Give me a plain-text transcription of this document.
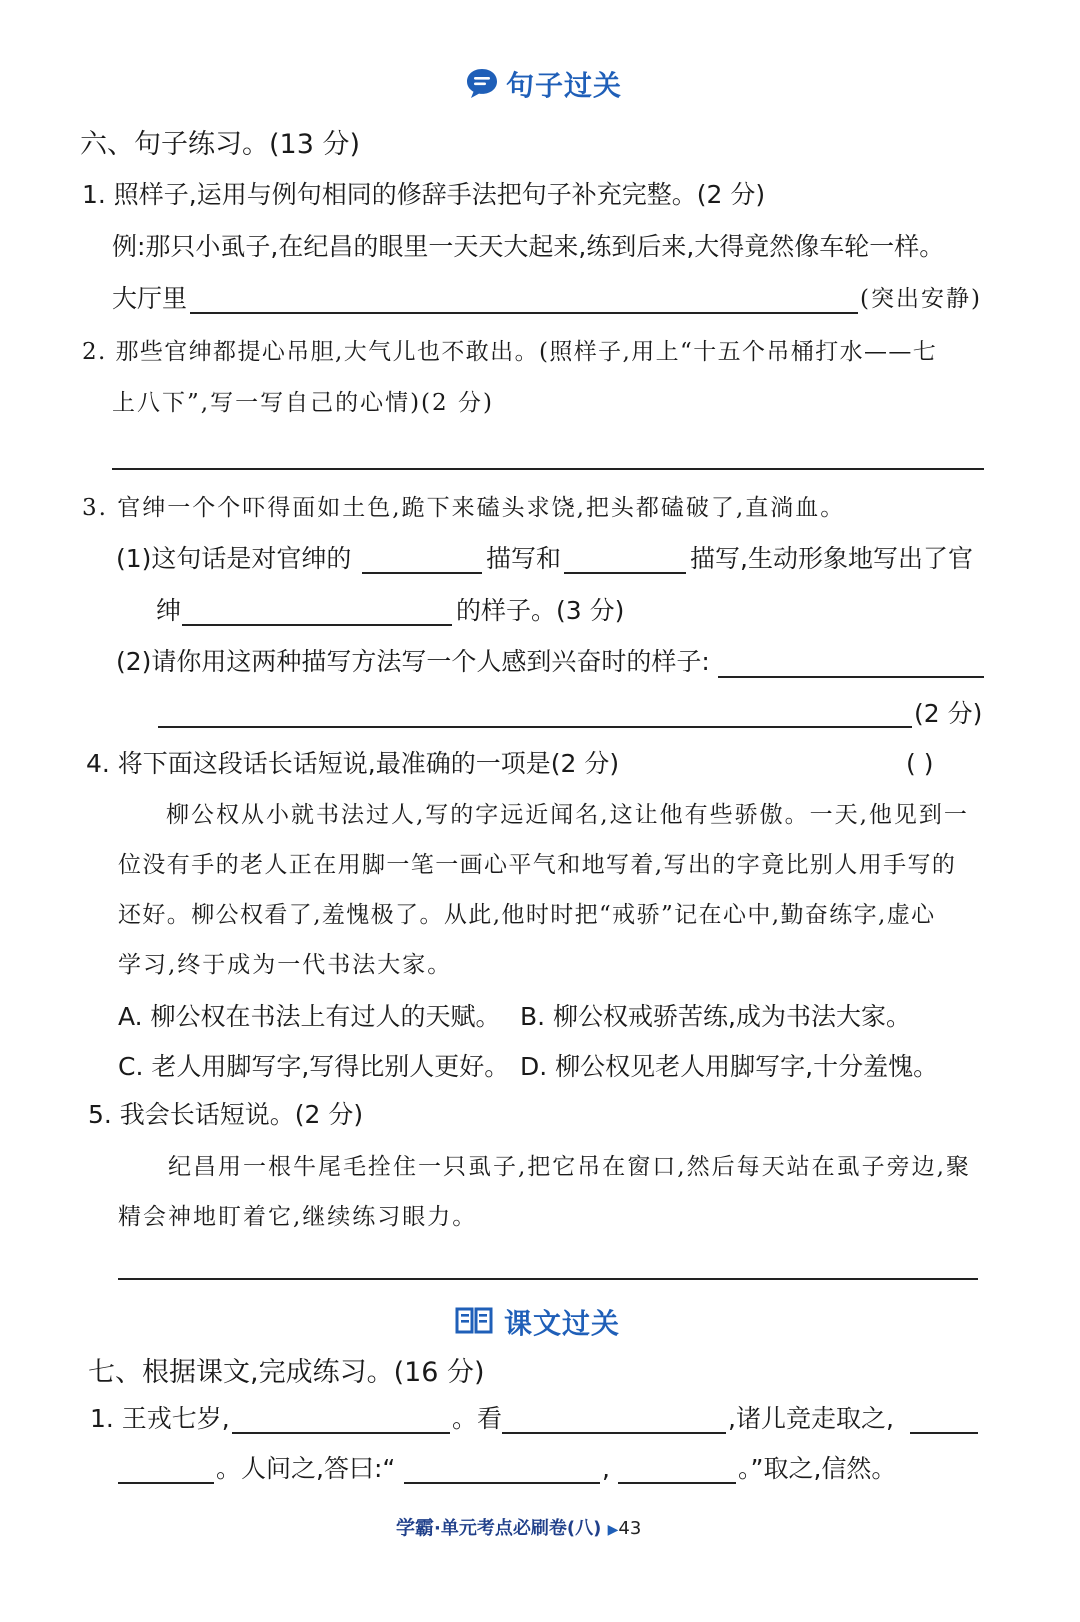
句子过关
六、句子练习。(13 分)
1. 照样子,运用与例句相同的修辞手法把句子补充完整。(2 分)
例:那只小虱子,在纪昌的眼里一天天大起来,练到后来,大得竟然像车轮一样。
大厅里	(突出安静)
2. 那些官绅都提心吊胆,大气儿也不敢出。(照样子,用上“十五个吊桶打水——七
上八下”,写一写自己的心情)(2 分)
3. 官绅一个个吓得面如土色,跪下来磕头求饶,把头都磕破了,直淌血。
(1)这句话是对官绅的	描写和	描写,生动形象地写出了官
绅	的样子。(3 分)
(2)请你用这两种描写方法写一个人感到兴奋时的样子:
(2 分)
4. 将下面这段话长话短说,最准确的一项是(2 分)	( )
柳公权从小就书法过人,写的字远近闻名,这让他有些骄傲。一天,他见到一
位没有手的老人正在用脚一笔一画心平气和地写着,写出的字竟比别人用手写的
还好。柳公权看了,羞愧极了。从此,他时时把“戒骄”记在心中,勤奋练字,虚心
学习,终于成为一代书法大家。
A. 柳公权在书法上有过人的天赋。 B. 柳公权戒骄苦练,成为书法大家。
C. 老人用脚写字,写得比别人更好。 D. 柳公权见老人用脚写字,十分羞愧。
5. 我会长话短说。(2 分)
纪昌用一根牛尾毛拴住一只虱子,把它吊在窗口,然后每天站在虱子旁边,聚
精会神地盯着它,继续练习眼力。
课文过关
七、根据课文,完成练习。(16 分)
1. 王戎七岁,	。看	,诸儿竞走取之,
。人问之,答曰:“	,	。”取之,信然。
学霸·单元考点必刷卷(八) ▶43
